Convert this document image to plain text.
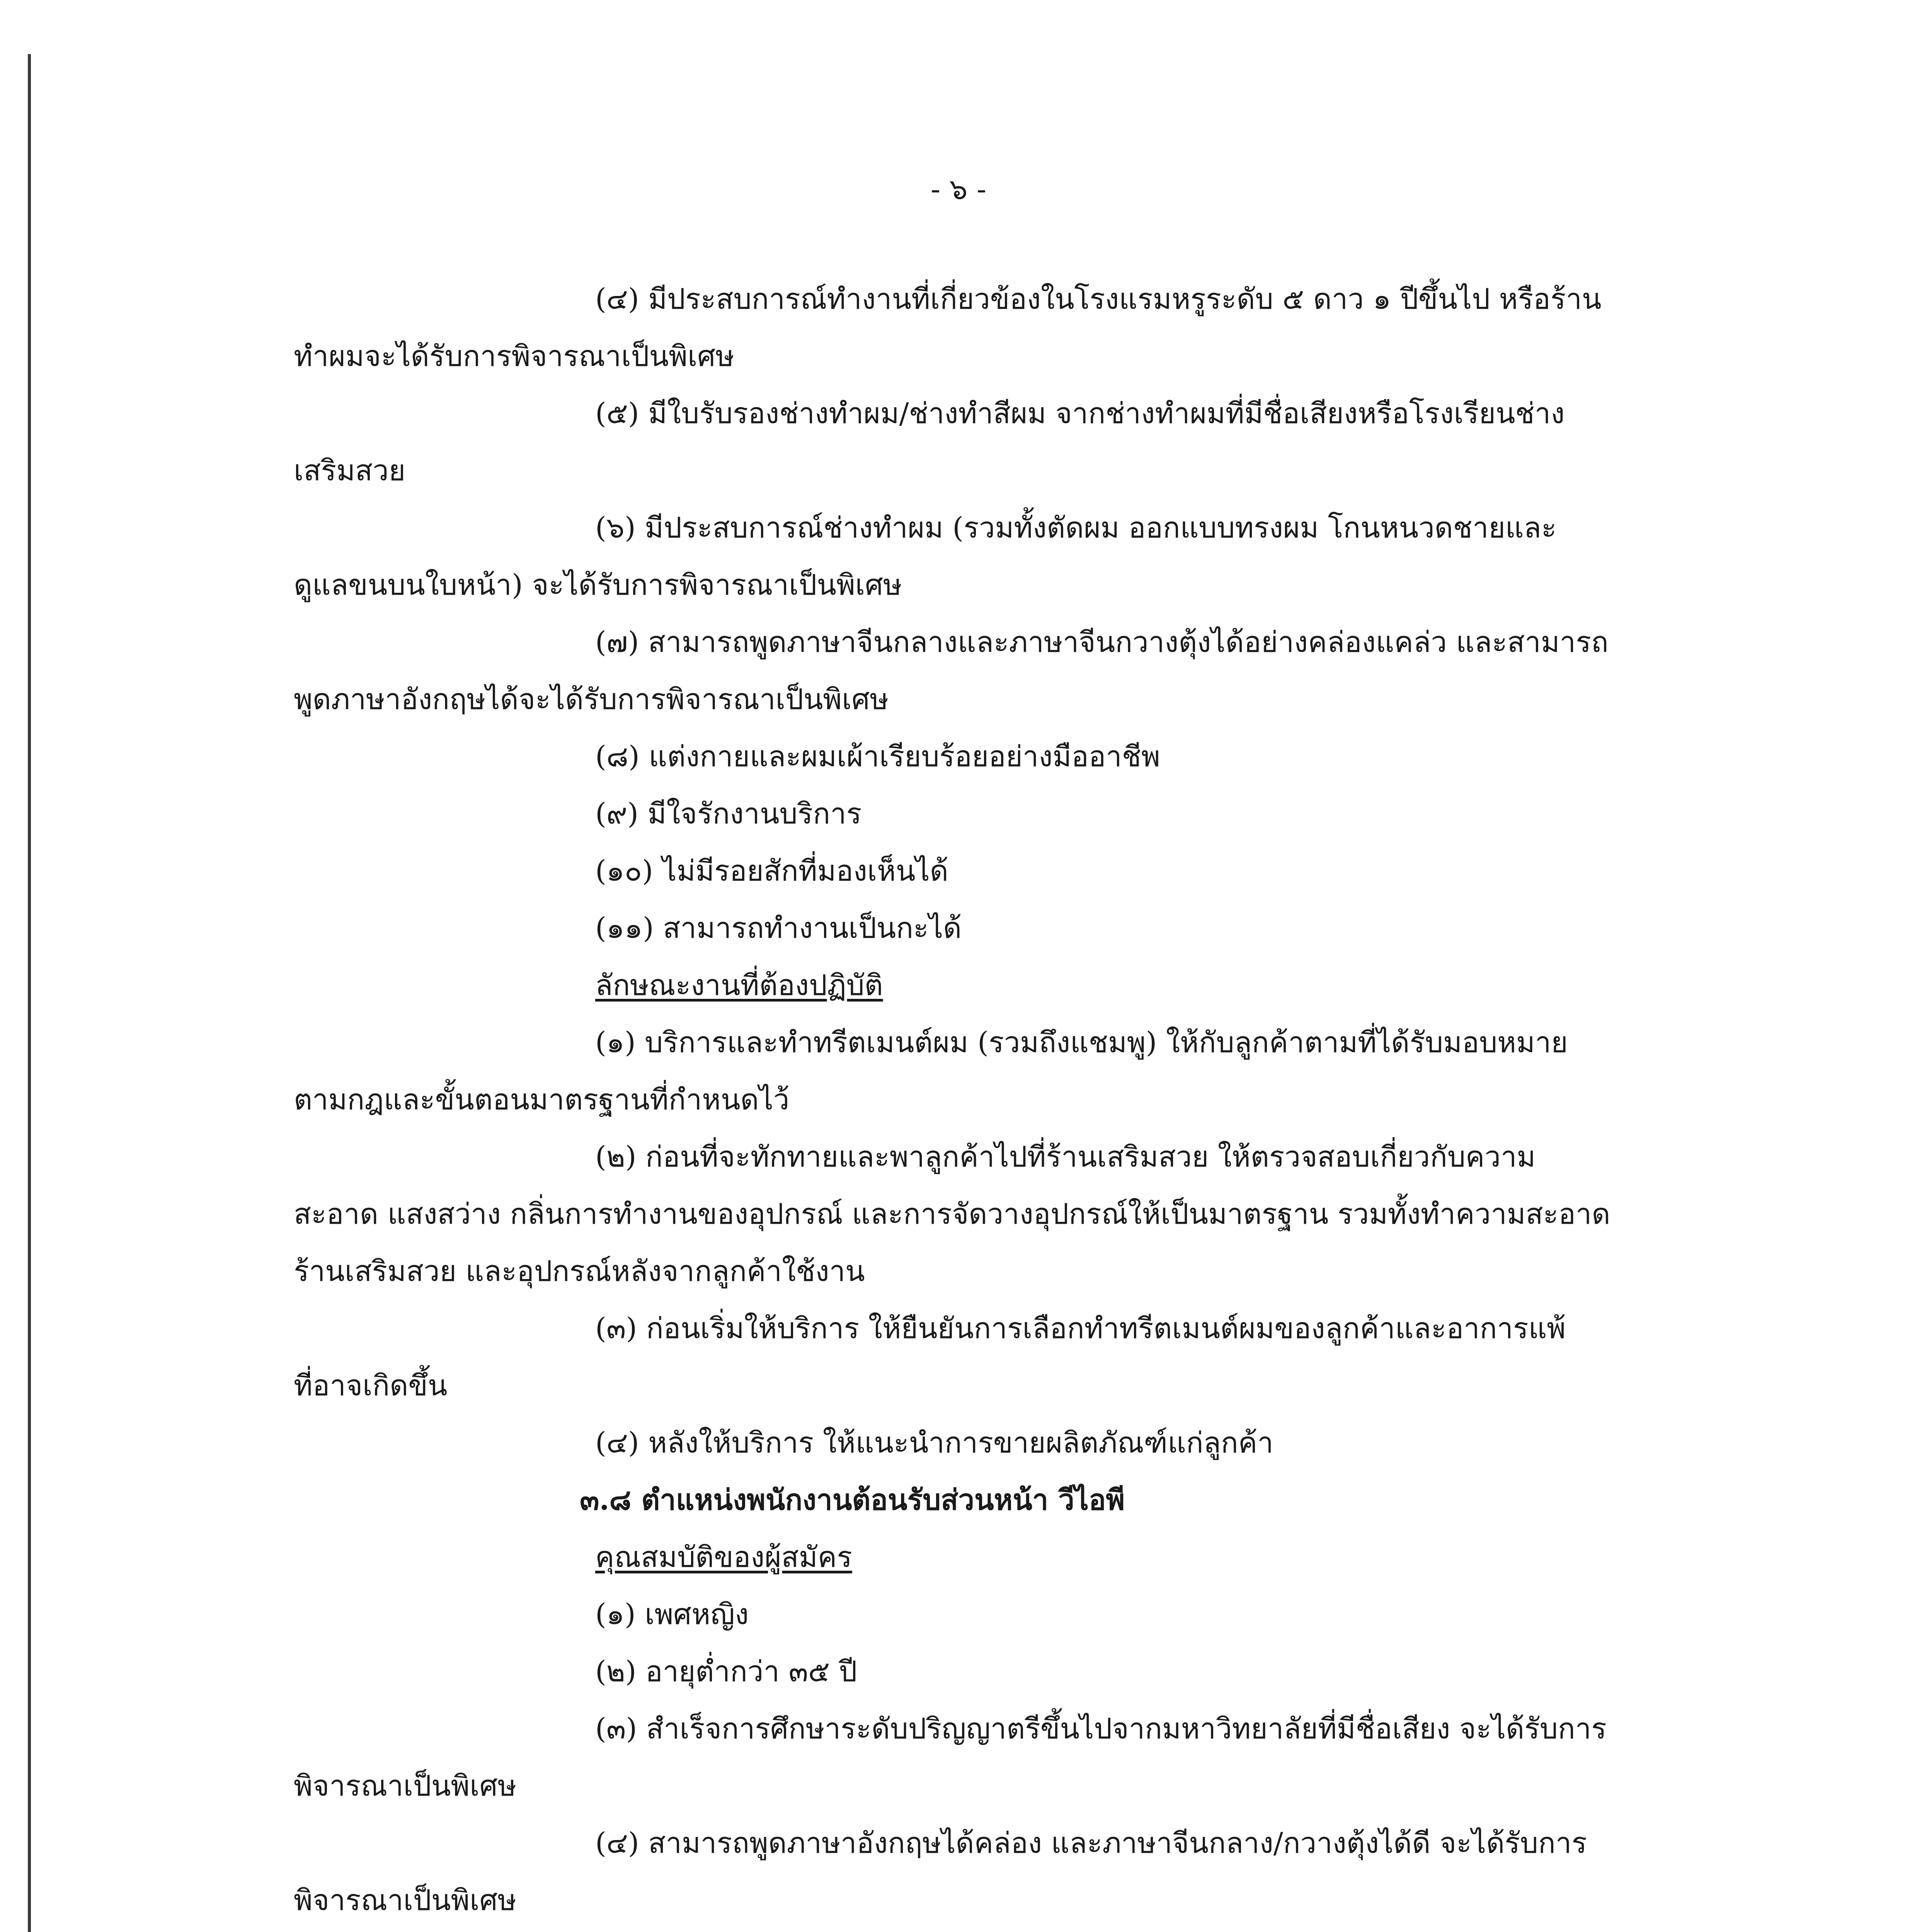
- ๖ -
(๔) มีประสบการณ์ทำงานที่เกี่ยวข้องในโรงแรมหรูระดับ ๕ ดาว ๑ ปีขึ้นไป หรือร้าน
ทำผมจะได้รับการพิจารณาเป็นพิเศษ
(๕) มีใบรับรองช่างทำผม/ช่างทำสีผม จากช่างทำผมที่มีชื่อเสียงหรือโรงเรียนช่าง
เสริมสวย
(๖) มีประสบการณ์ช่างทำผม (รวมทั้งตัดผม ออกแบบทรงผม โกนหนวดชายและ
ดูแลขนบนใบหน้า) จะได้รับการพิจารณาเป็นพิเศษ
(๗) สามารถพูดภาษาจีนกลางและภาษาจีนกวางตุ้งได้อย่างคล่องแคล่ว และสามารถ
พูดภาษาอังกฤษได้จะได้รับการพิจารณาเป็นพิเศษ
(๘) แต่งกายและผมเผ้าเรียบร้อยอย่างมืออาชีพ
(๙) มีใจรักงานบริการ
(๑๐) ไม่มีรอยสักที่มองเห็นได้
(๑๑) สามารถทำงานเป็นกะได้
ลักษณะงานที่ต้องปฏิบัติ
(๑) บริการและทำทรีตเมนต์ผม (รวมถึงแชมพู) ให้กับลูกค้าตามที่ได้รับมอบหมาย
ตามกฎและขั้นตอนมาตรฐานที่กำหนดไว้
(๒) ก่อนที่จะทักทายและพาลูกค้าไปที่ร้านเสริมสวย ให้ตรวจสอบเกี่ยวกับความ
สะอาด แสงสว่าง กลิ่นการทำงานของอุปกรณ์ และการจัดวางอุปกรณ์ให้เป็นมาตรฐาน รวมทั้งทำความสะอาด
ร้านเสริมสวย และอุปกรณ์หลังจากลูกค้าใช้งาน
(๓) ก่อนเริ่มให้บริการ ให้ยืนยันการเลือกทำทรีตเมนต์ผมของลูกค้าและอาการแพ้
ที่อาจเกิดขึ้น
(๔) หลังให้บริการ ให้แนะนำการขายผลิตภัณฑ์แก่ลูกค้า
๓.๘ ตำแหน่งพนักงานต้อนรับส่วนหน้า วีไอพี
คุณสมบัติของผู้สมัคร
(๑) เพศหญิง
(๒) อายุต่ำกว่า ๓๕ ปี
(๓) สำเร็จการศึกษาระดับปริญญาตรีขึ้นไปจากมหาวิทยาลัยที่มีชื่อเสียง จะได้รับการ
พิจารณาเป็นพิเศษ
(๔) สามารถพูดภาษาอังกฤษได้คล่อง และภาษาจีนกลาง/กวางตุ้งได้ดี จะได้รับการ
พิจารณาเป็นพิเศษ
